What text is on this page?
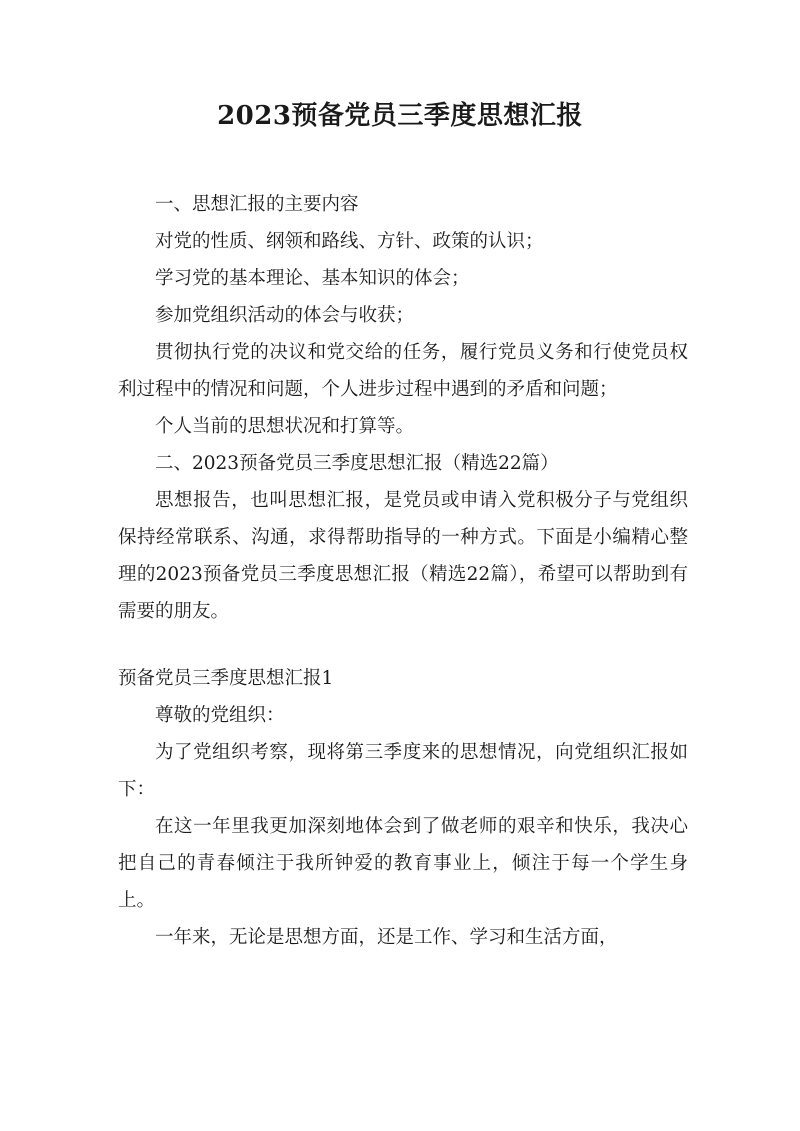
2023预备党员三季度思想汇报

一、思想汇报的主要内容

对党的性质、纲领和路线、方针、政策的认识；

学习党的基本理论、基本知识的体会；

参加党组织活动的体会与收获；

贯彻执行党的决议和党交给的任务，履行党员义务和行使党员权利过程中的情况和问题，个人进步过程中遇到的矛盾和问题；

个人当前的思想状况和打算等。

二、2023预备党员三季度思想汇报（精选22篇）

思想报告，也叫思想汇报，是党员或申请入党积极分子与党组织保持经常联系、沟通，求得帮助指导的一种方式。下面是小编精心整理的2023预备党员三季度思想汇报（精选22篇），希望可以帮助到有需要的朋友。

预备党员三季度思想汇报1

尊敬的党组织：

为了党组织考察，现将第三季度来的思想情况，向党组织汇报如下：

在这一年里我更加深刻地体会到了做老师的艰辛和快乐，我决心把自己的青春倾注于我所钟爱的教育事业上，倾注于每一个学生身上。

一年来，无论是思想方面，还是工作、学习和生活方面，
